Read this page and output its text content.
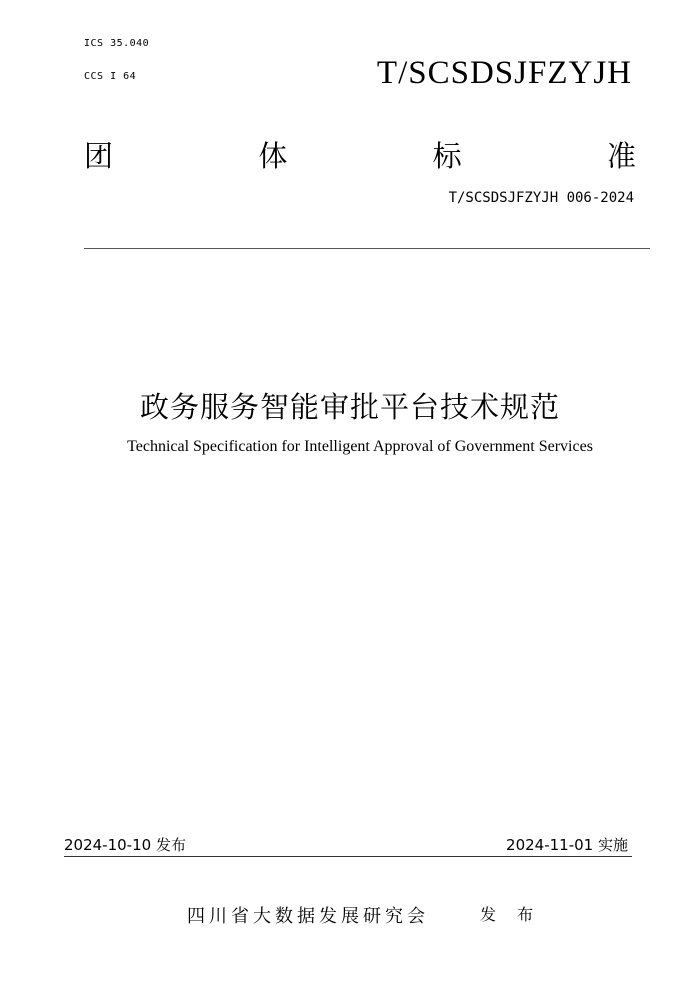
ICS 35.040
CCS I 64	T/SCSDSJFZYJH
团	体	标	准
T/SCSDSJFZYJH 006-2024
政务服务智能审批平台技术规范
Technical Specification for Intelligent Approval of Government Services
2024-10-10 发布	2024-11-01 实施
四川省大数据发展研究会	发 布
